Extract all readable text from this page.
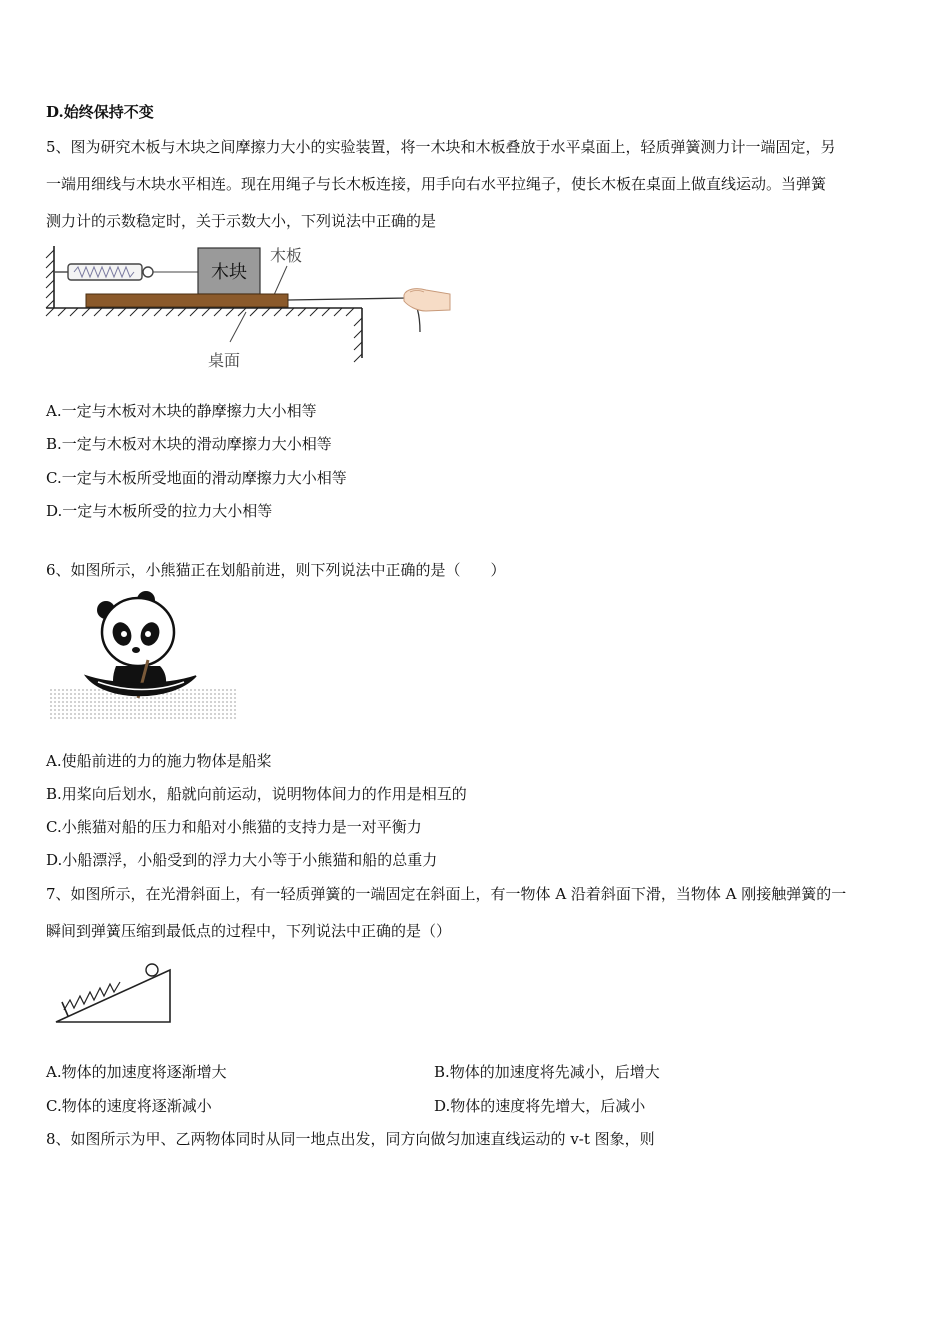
D.始终保持不变
5、图为研究木板与木块之间摩擦力大小的实验装置，将一木块和木板叠放于水平桌面上，轻质弹簧测力计一端固定，另
一端用细线与木块水平相连。现在用绳子与长木板连接，用手向右水平拉绳子，使长木板在桌面上做直线运动。当弹簧
测力计的示数稳定时，关于示数大小，下列说法中正确的是
木块
木板
桌面
A.一定与木板对木块的静摩擦力大小相等
B.一定与木板对木块的滑动摩擦力大小相等
C.一定与木板所受地面的滑动摩擦力大小相等
D.一定与木板所受的拉力大小相等
6、如图所示，小熊猫正在划船前进，则下列说法中正确的是（　　）
A.使船前进的力的施力物体是船桨
B.用桨向后划水，船就向前运动，说明物体间力的作用是相互的
C.小熊猫对船的压力和船对小熊猫的支持力是一对平衡力
D.小船漂浮，小船受到的浮力大小等于小熊猫和船的总重力
7、如图所示，在光滑斜面上，有一轻质弹簧的一端固定在斜面上，有一物体 A 沿着斜面下滑，当物体 A 刚接触弹簧的一
瞬间到弹簧压缩到最低点的过程中，下列说法中正确的是（）
A.物体的加速度将逐渐增大	B.物体的加速度将先减小，后增大
C.物体的速度将逐渐减小	D.物体的速度将先增大，后减小
8、如图所示为甲、乙两物体同时从同一地点出发，同方向做匀加速直线运动的 v-t 图象，则
